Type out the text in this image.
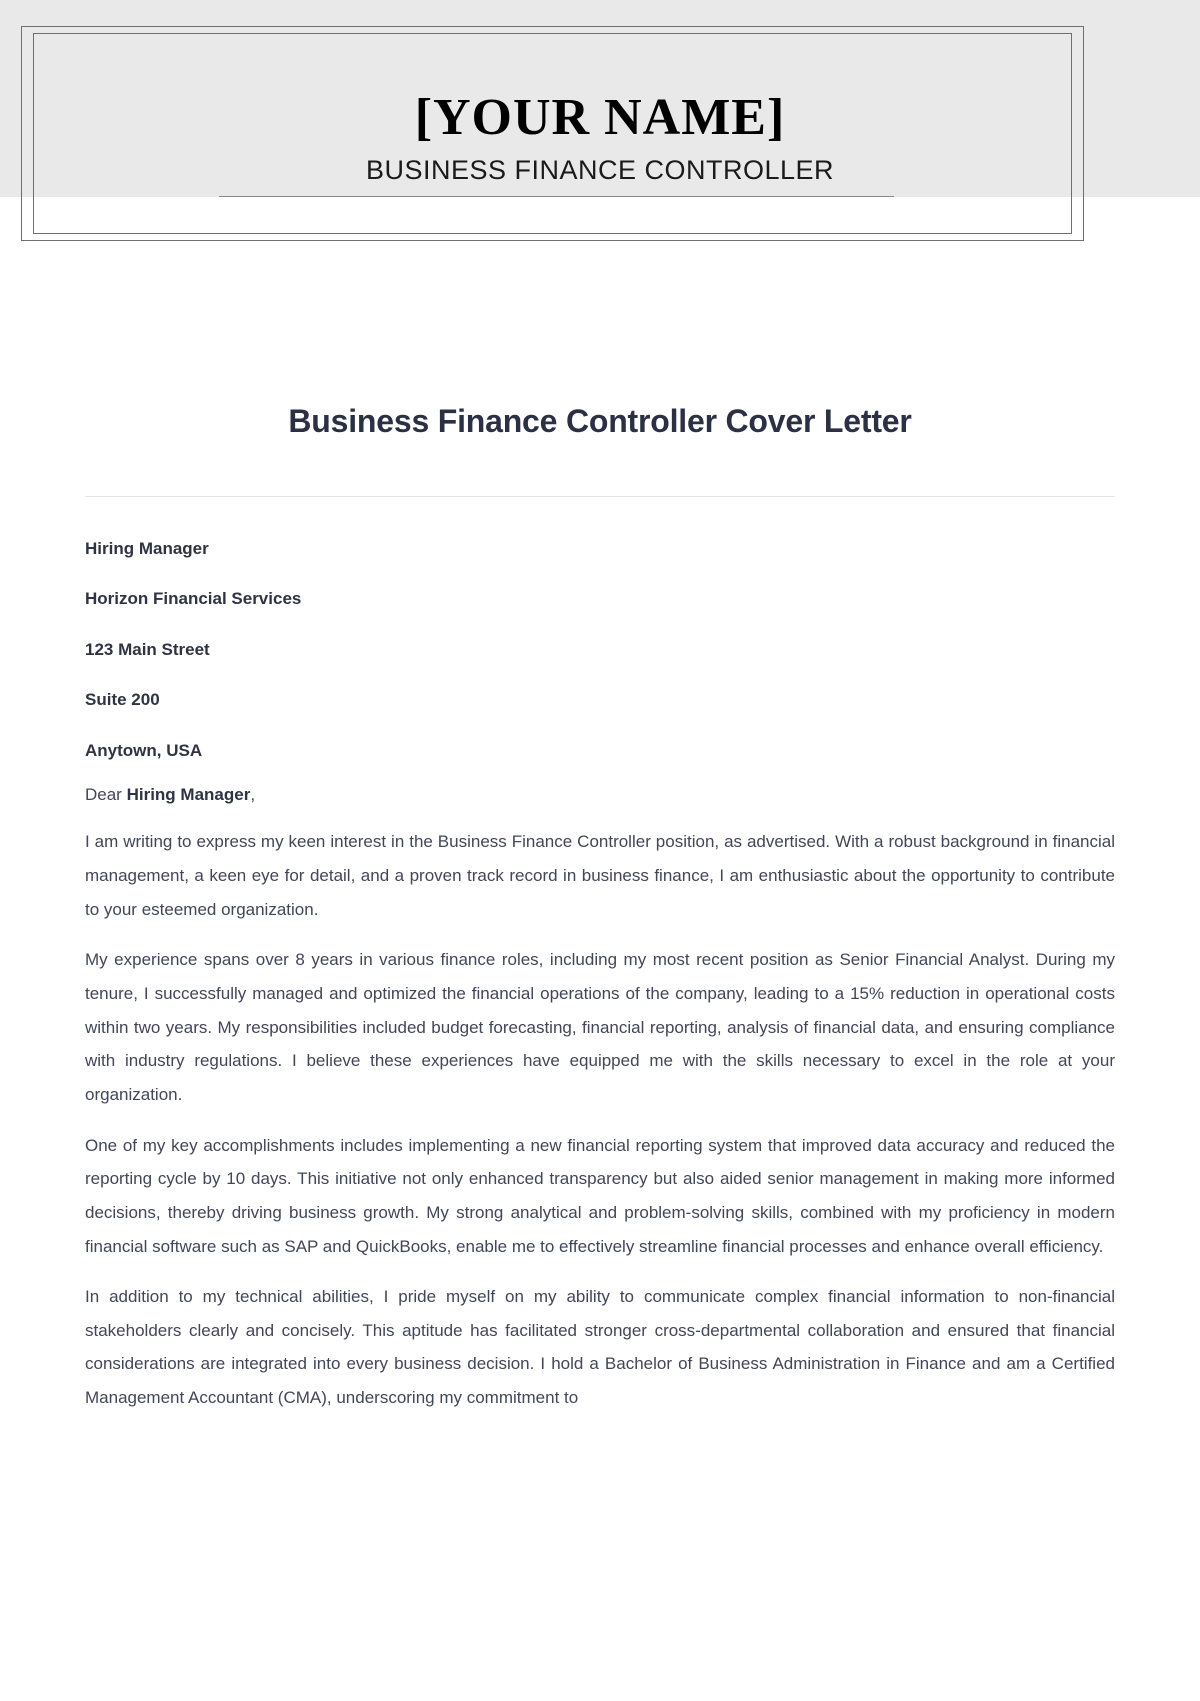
[YOUR NAME]
BUSINESS FINANCE CONTROLLER
Business Finance Controller Cover Letter

Hiring Manager

Horizon Financial Services

123 Main Street

Suite 200

Anytown, USA

Dear Hiring Manager,

I am writing to express my keen interest in the Business Finance Controller position, as advertised. With a robust background in financial management, a keen eye for detail, and a proven track record in business finance, I am enthusiastic about the opportunity to contribute to your esteemed organization.

My experience spans over 8 years in various finance roles, including my most recent position as Senior Financial Analyst. During my tenure, I successfully managed and optimized the financial operations of the company, leading to a 15% reduction in operational costs within two years. My responsibilities included budget forecasting, financial reporting, analysis of financial data, and ensuring compliance with industry regulations. I believe these experiences have equipped me with the skills necessary to excel in the role at your organization.

One of my key accomplishments includes implementing a new financial reporting system that improved data accuracy and reduced the reporting cycle by 10 days. This initiative not only enhanced transparency but also aided senior management in making more informed decisions, thereby driving business growth. My strong analytical and problem-solving skills, combined with my proficiency in modern financial software such as SAP and QuickBooks, enable me to effectively streamline financial processes and enhance overall efficiency.

In addition to my technical abilities, I pride myself on my ability to communicate complex financial information to non-financial stakeholders clearly and concisely. This aptitude has facilitated stronger cross-departmental collaboration and ensured that financial considerations are integrated into every business decision. I hold a Bachelor of Business Administration in Finance and am a Certified Management Accountant (CMA), underscoring my commitment to
